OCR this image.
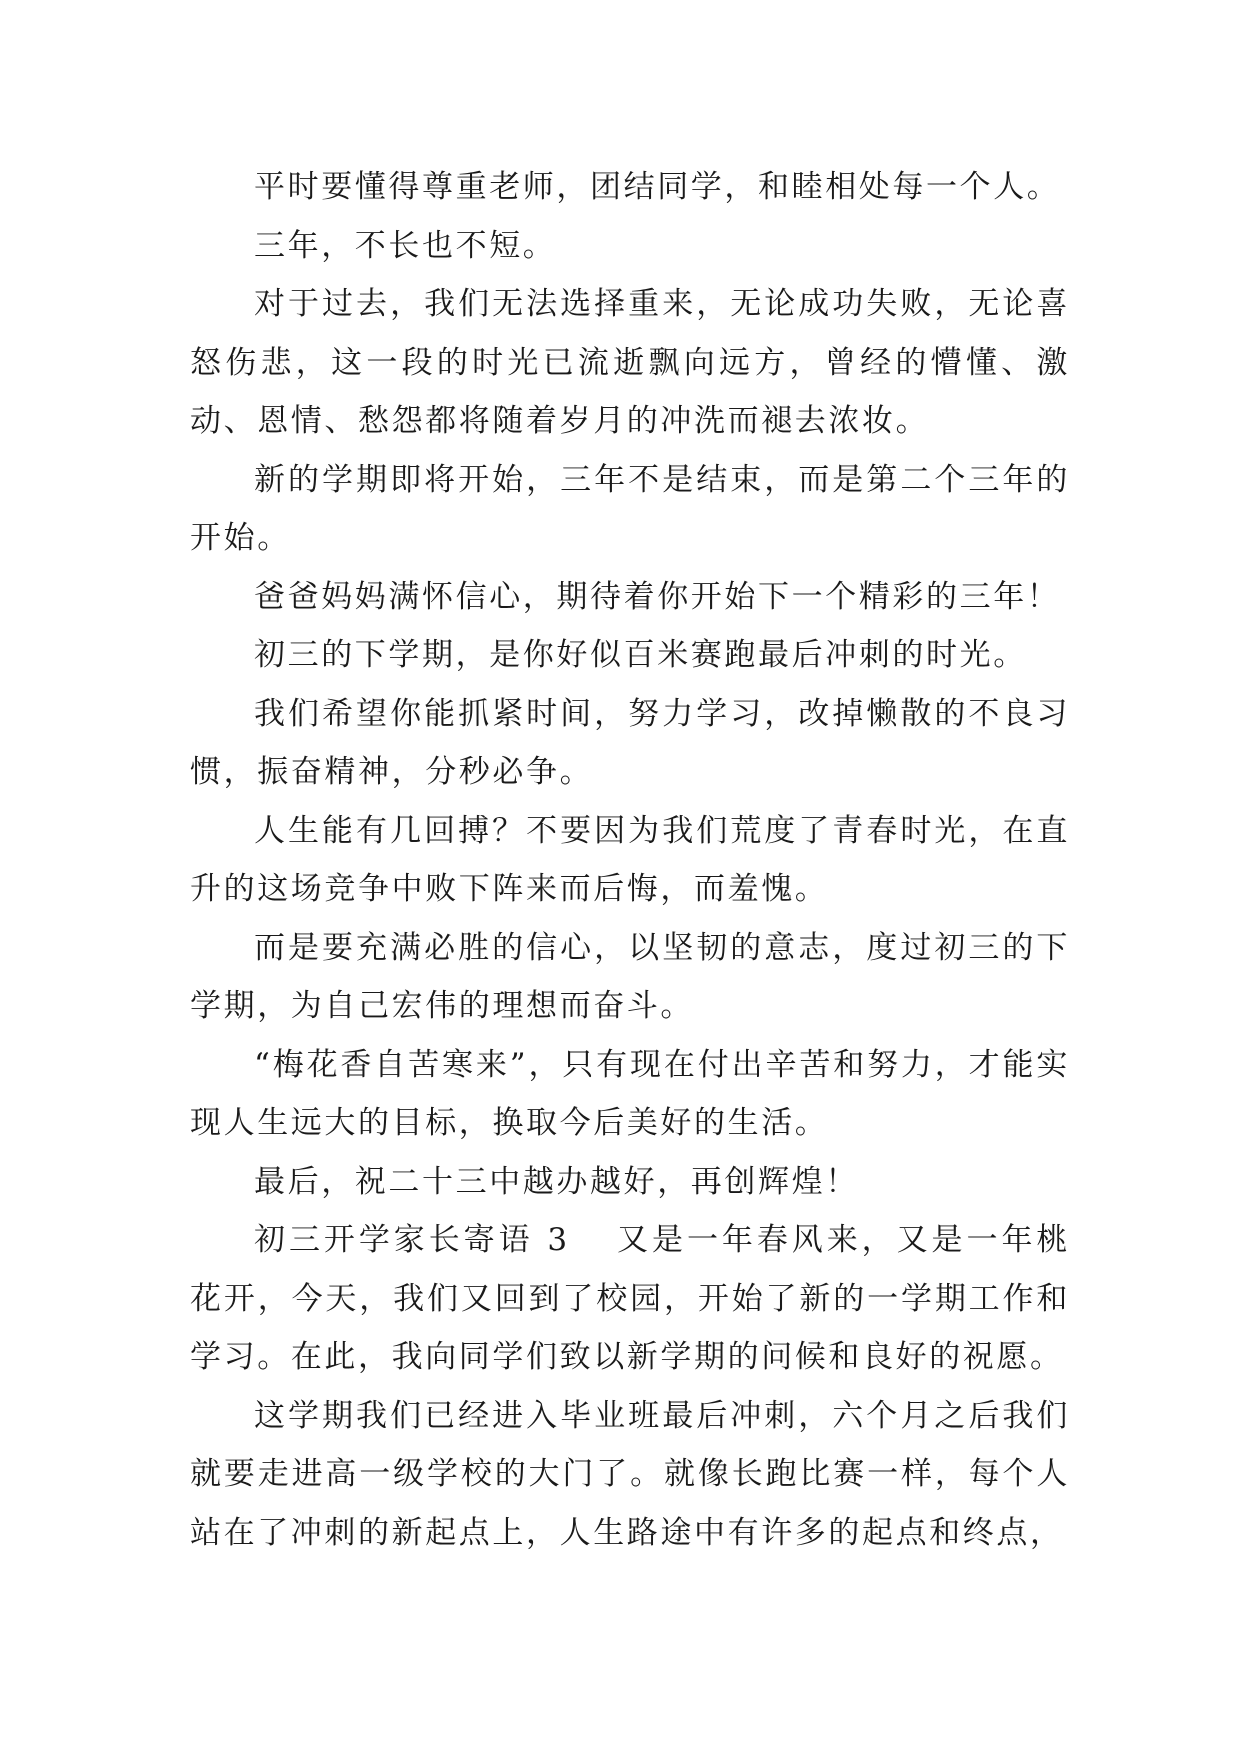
平时要懂得尊重老师，团结同学，和睦相处每一个人。

三年，不长也不短。

对于过去，我们无法选择重来，无论成功失败，无论喜怒伤悲，这一段的时光已流逝飘向远方，曾经的懵懂、激动、恩情、愁怨都将随着岁月的冲洗而褪去浓妆。

新的学期即将开始，三年不是结束，而是第二个三年的开始。

爸爸妈妈满怀信心，期待着你开始下一个精彩的三年！

初三的下学期，是你好似百米赛跑最后冲刺的时光。

我们希望你能抓紧时间，努力学习，改掉懒散的不良习惯，振奋精神，分秒必争。

人生能有几回搏？不要因为我们荒度了青春时光，在直升的这场竞争中败下阵来而后悔，而羞愧。

而是要充满必胜的信心，以坚韧的意志，度过初三的下学期，为自己宏伟的理想而奋斗。

“梅花香自苦寒来”，只有现在付出辛苦和努力，才能实现人生远大的目标，换取今后美好的生活。

最后，祝二十三中越办越好，再创辉煌！

初三开学家长寄语 3 又是一年春风来，又是一年桃花开，今天，我们又回到了校园，开始了新的一学期工作和学习。在此，我向同学们致以新学期的问候和良好的祝愿。

这学期我们已经进入毕业班最后冲刺，六个月之后我们就要走进高一级学校的大门了。就像长跑比赛一样，每个人站在了冲刺的新起点上，人生路途中有许多的起点和终点，
